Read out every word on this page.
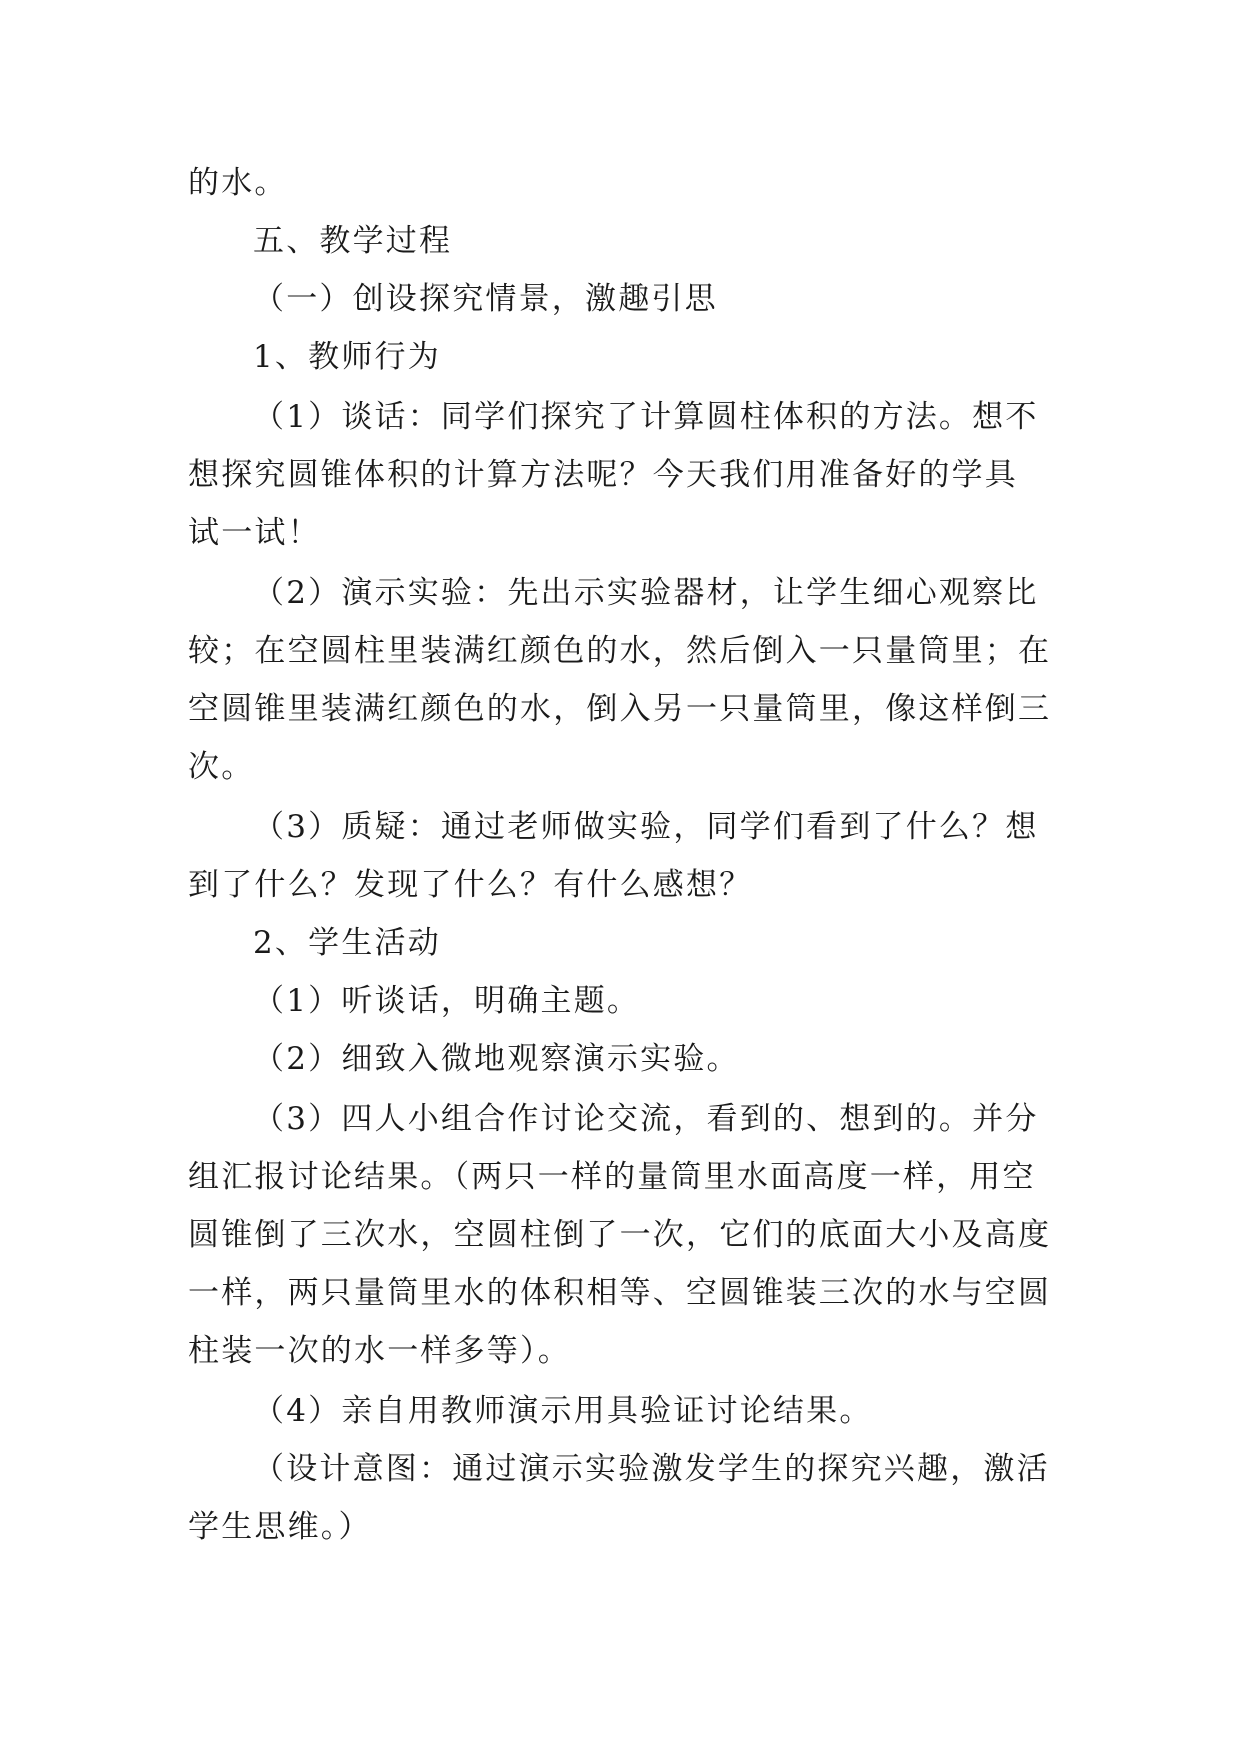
的水。
五、教学过程
（一）创设探究情景，激趣引思
1、教师行为
（1）谈话：同学们探究了计算圆柱体积的方法。想不
想探究圆锥体积的计算方法呢？今天我们用准备好的学具
试一试！
（2）演示实验：先出示实验器材，让学生细心观察比
较；在空圆柱里装满红颜色的水，然后倒入一只量筒里；在
空圆锥里装满红颜色的水，倒入另一只量筒里，像这样倒三
次。
（3）质疑：通过老师做实验，同学们看到了什么？想
到了什么？发现了什么？有什么感想？
2、学生活动
（1）听谈话，明确主题。
（2）细致入微地观察演示实验。
（3）四人小组合作讨论交流，看到的、想到的。并分
组汇报讨论结果。（两只一样的量筒里水面高度一样，用空
圆锥倒了三次水，空圆柱倒了一次，它们的底面大小及高度
一样，两只量筒里水的体积相等、空圆锥装三次的水与空圆
柱装一次的水一样多等）。
（4）亲自用教师演示用具验证讨论结果。
（设计意图：通过演示实验激发学生的探究兴趣，激活
学生思维。）
